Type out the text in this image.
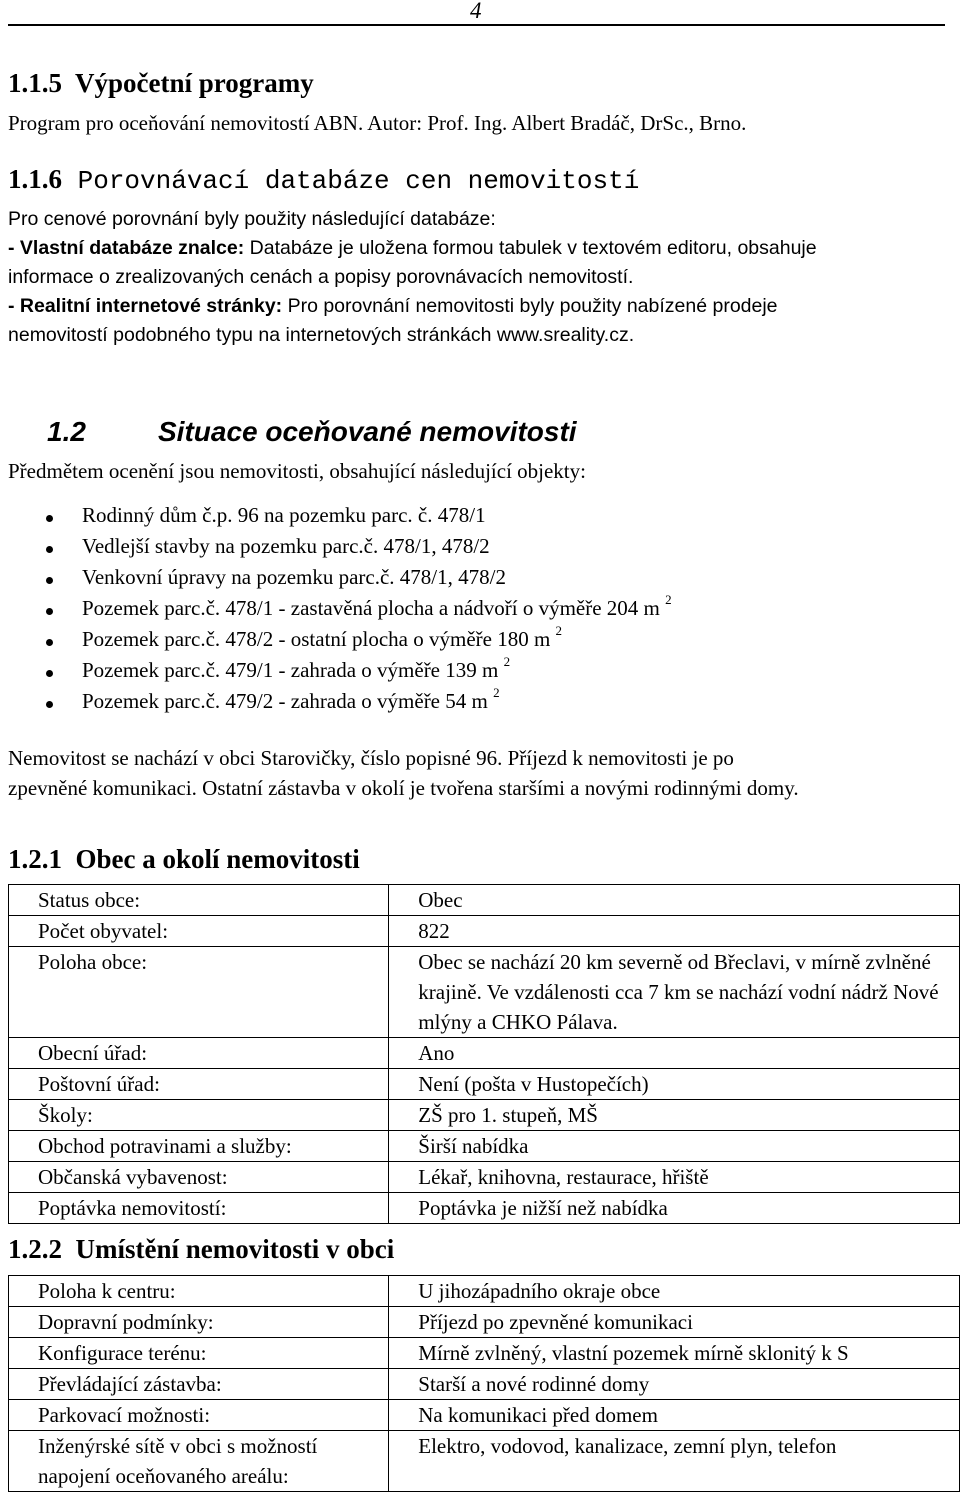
4
1.1.5 Výpočetní programy
Program pro oceňování nemovitostí ABN. Autor: Prof. Ing. Albert Bradáč, DrSc., Brno.
1.1.6 Porovnávací databáze cen nemovitostí
Pro cenové porovnání byly použity následující databáze:
- Vlastní databáze znalce: Databáze je uložena formou tabulek v textovém editoru, obsahuje
informace o zrealizovaných cenách a popisy porovnávacích nemovitostí.
- Realitní internetové stránky: Pro porovnání nemovitosti byly použity nabízené prodeje
nemovitostí podobného typu na internetových stránkách www.sreality.cz.
1.2	Situace oceňované nemovitosti
Předmětem ocenění jsou nemovitosti, obsahující následující objekty:
Rodinný dům č.p. 96 na pozemku parc. č. 478/1
Vedlejší stavby na pozemku parc.č. 478/1, 478/2
Venkovní úpravy na pozemku parc.č. 478/1, 478/2
Pozemek parc.č. 478/1 - zastavěná plocha a nádvoří o výměře 204 m $^2$
Pozemek parc.č. 478/2 - ostatní plocha o výměře 180 m $^2$
Pozemek parc.č. 479/1 - zahrada o výměře 139 m $^2$
Pozemek parc.č. 479/2 - zahrada o výměře 54 m $^2$
Nemovitost se nachází v obci Starovičky, číslo popisné 96. Příjezd k nemovitosti je po
zpevněné komunikaci. Ostatní zástavba v okolí je tvořena staršími a novými rodinnými domy.
1.2.1 Obec a okolí nemovitosti
Status obce:	Obec
Počet obyvatel:	822
Poloha obce:	Obec se nachází 20 km severně od Břeclavi, v mírně zvlněné krajině. Ve vzdálenosti cca 7 km se nachází vodní nádrž Nové mlýny a CHKO Pálava.
Obecní úřad:	Ano
Poštovní úřad:	Není (pošta v Hustopečích)
Školy:	ZŠ pro 1. stupeň, MŠ
Obchod potravinami a služby:	Širší nabídka
Občanská vybavenost:	Lékař, knihovna, restaurace, hřiště
Poptávka nemovitostí:	Poptávka je nižší než nabídka
1.2.2 Umístění nemovitosti v obci
Poloha k centru:	U jihozápadního okraje obce
Dopravní podmínky:	Příjezd po zpevněné komunikaci
Konfigurace terénu:	Mírně zvlněný, vlastní pozemek mírně sklonitý k S
Převládající zástavba:	Starší a nové rodinné domy
Parkovací možnosti:	Na komunikaci před domem
Inženýrské sítě v obci s možností napojení oceňovaného areálu:	Elektro, vodovod, kanalizace, zemní plyn, telefon
